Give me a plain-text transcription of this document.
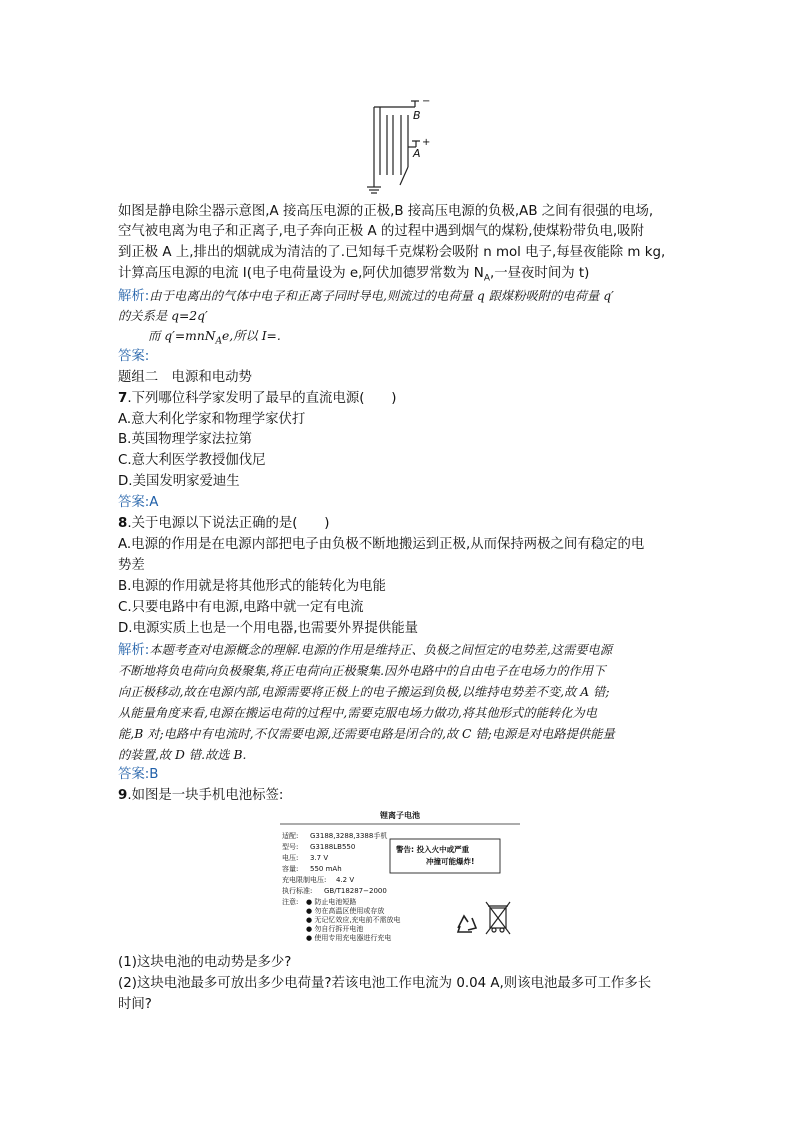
B
−
A
+
如图是静电除尘器示意图,A 接高压电源的正极,B 接高压电源的负极,AB 之间有很强的电场,
空气被电离为电子和正离子,电子奔向正极 A 的过程中遇到烟气的煤粉,使煤粉带负电,吸附
到正极 A 上,排出的烟就成为清洁的了.已知每千克煤粉会吸附 n mol 电子,每昼夜能除 m kg,
计算高压电源的电流 I(电子电荷量设为 e,阿伏加德罗常数为 $N_A$,一昼夜时间为 t)
解析:由于电离出的气体中电子和正离子同时导电,则流过的电荷量 q 跟煤粉吸附的电荷量 q′
的关系是 q=2q′
而 q′=mnN$_A$e,所以 I=.
答案:
题组二　电源和电动势
7.下列哪位科学家发明了最早的直流电源(　　)
A.意大利化学家和物理学家伏打
B.英国物理学家法拉第
C.意大利医学教授伽伐尼
D.美国发明家爱迪生
答案:A
8.关于电源以下说法正确的是(　　)
A.电源的作用是在电源内部把电子由负极不断地搬运到正极,从而保持两极之间有稳定的电
势差
B.电源的作用就是将其他形式的能转化为电能
C.只要电路中有电源,电路中就一定有电流
D.电源实质上也是一个用电器,也需要外界提供能量
解析:本题考查对电源概念的理解.电源的作用是维持正、负极之间恒定的电势差,这需要电源
不断地将负电荷向负极聚集,将正电荷向正极聚集.因外电路中的自由电子在电场力的作用下
向正极移动,故在电源内部,电源需要将正极上的电子搬运到负极,以维持电势差不变,故 A 错;
从能量角度来看,电源在搬运电荷的过程中,需要克服电场力做功,将其他形式的能转化为电
能,B 对;电路中有电流时,不仅需要电源,还需要电路是闭合的,故 C 错;电源是对电路提供能量
的装置,故 D 错.故选 B.
答案:B
9.如图是一块手机电池标签:
锂离子电池
适配: G3188,3288,3388手机
型号: G3188LB550
电压: 3.7 V
容量: 550 mAh
充电限制电压: 4.2 V
执行标准: GB/T18287−2000
注意: ● 防止电池短路
● 勿在高温区使用或存放
● 无记忆效应,充电前不需放电
● 勿自行拆开电池
● 使用专用充电器进行充电
警告: 投入火中或严重
冲撞可能爆炸!
(1)这块电池的电动势是多少?
(2)这块电池最多可放出多少电荷量?若该电池工作电流为 0.04 A,则该电池最多可工作多长
时间?
